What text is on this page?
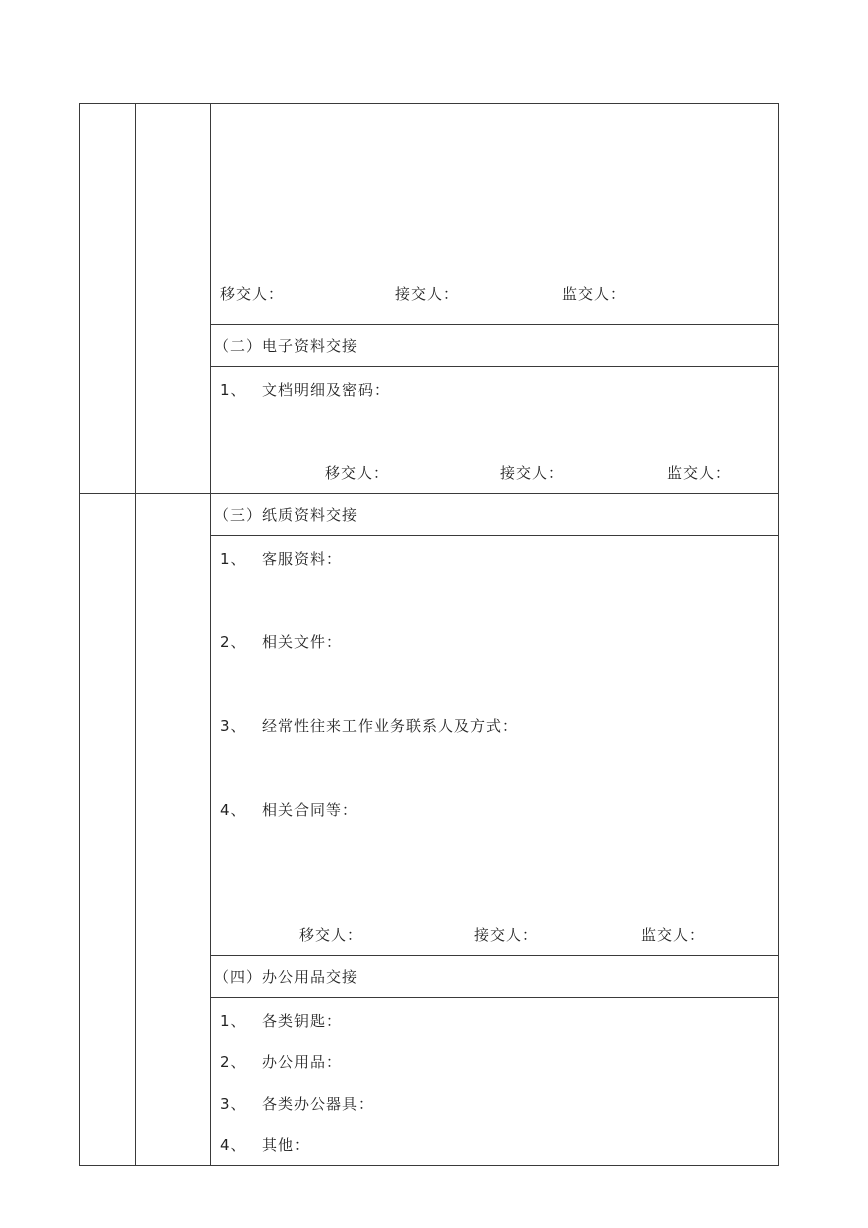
移交人：	接交人：	监交人：
（二）电子资料交接
1、 文档明细及密码：
移交人：	接交人：	监交人：
（三）纸质资料交接
1、 客服资料：
2、 相关文件：
3、 经常性往来工作业务联系人及方式：
4、 相关合同等：
移交人：	接交人：	监交人：
（四）办公用品交接
1、 各类钥匙：
2、 办公用品：
3、 各类办公器具：
4、 其他：
